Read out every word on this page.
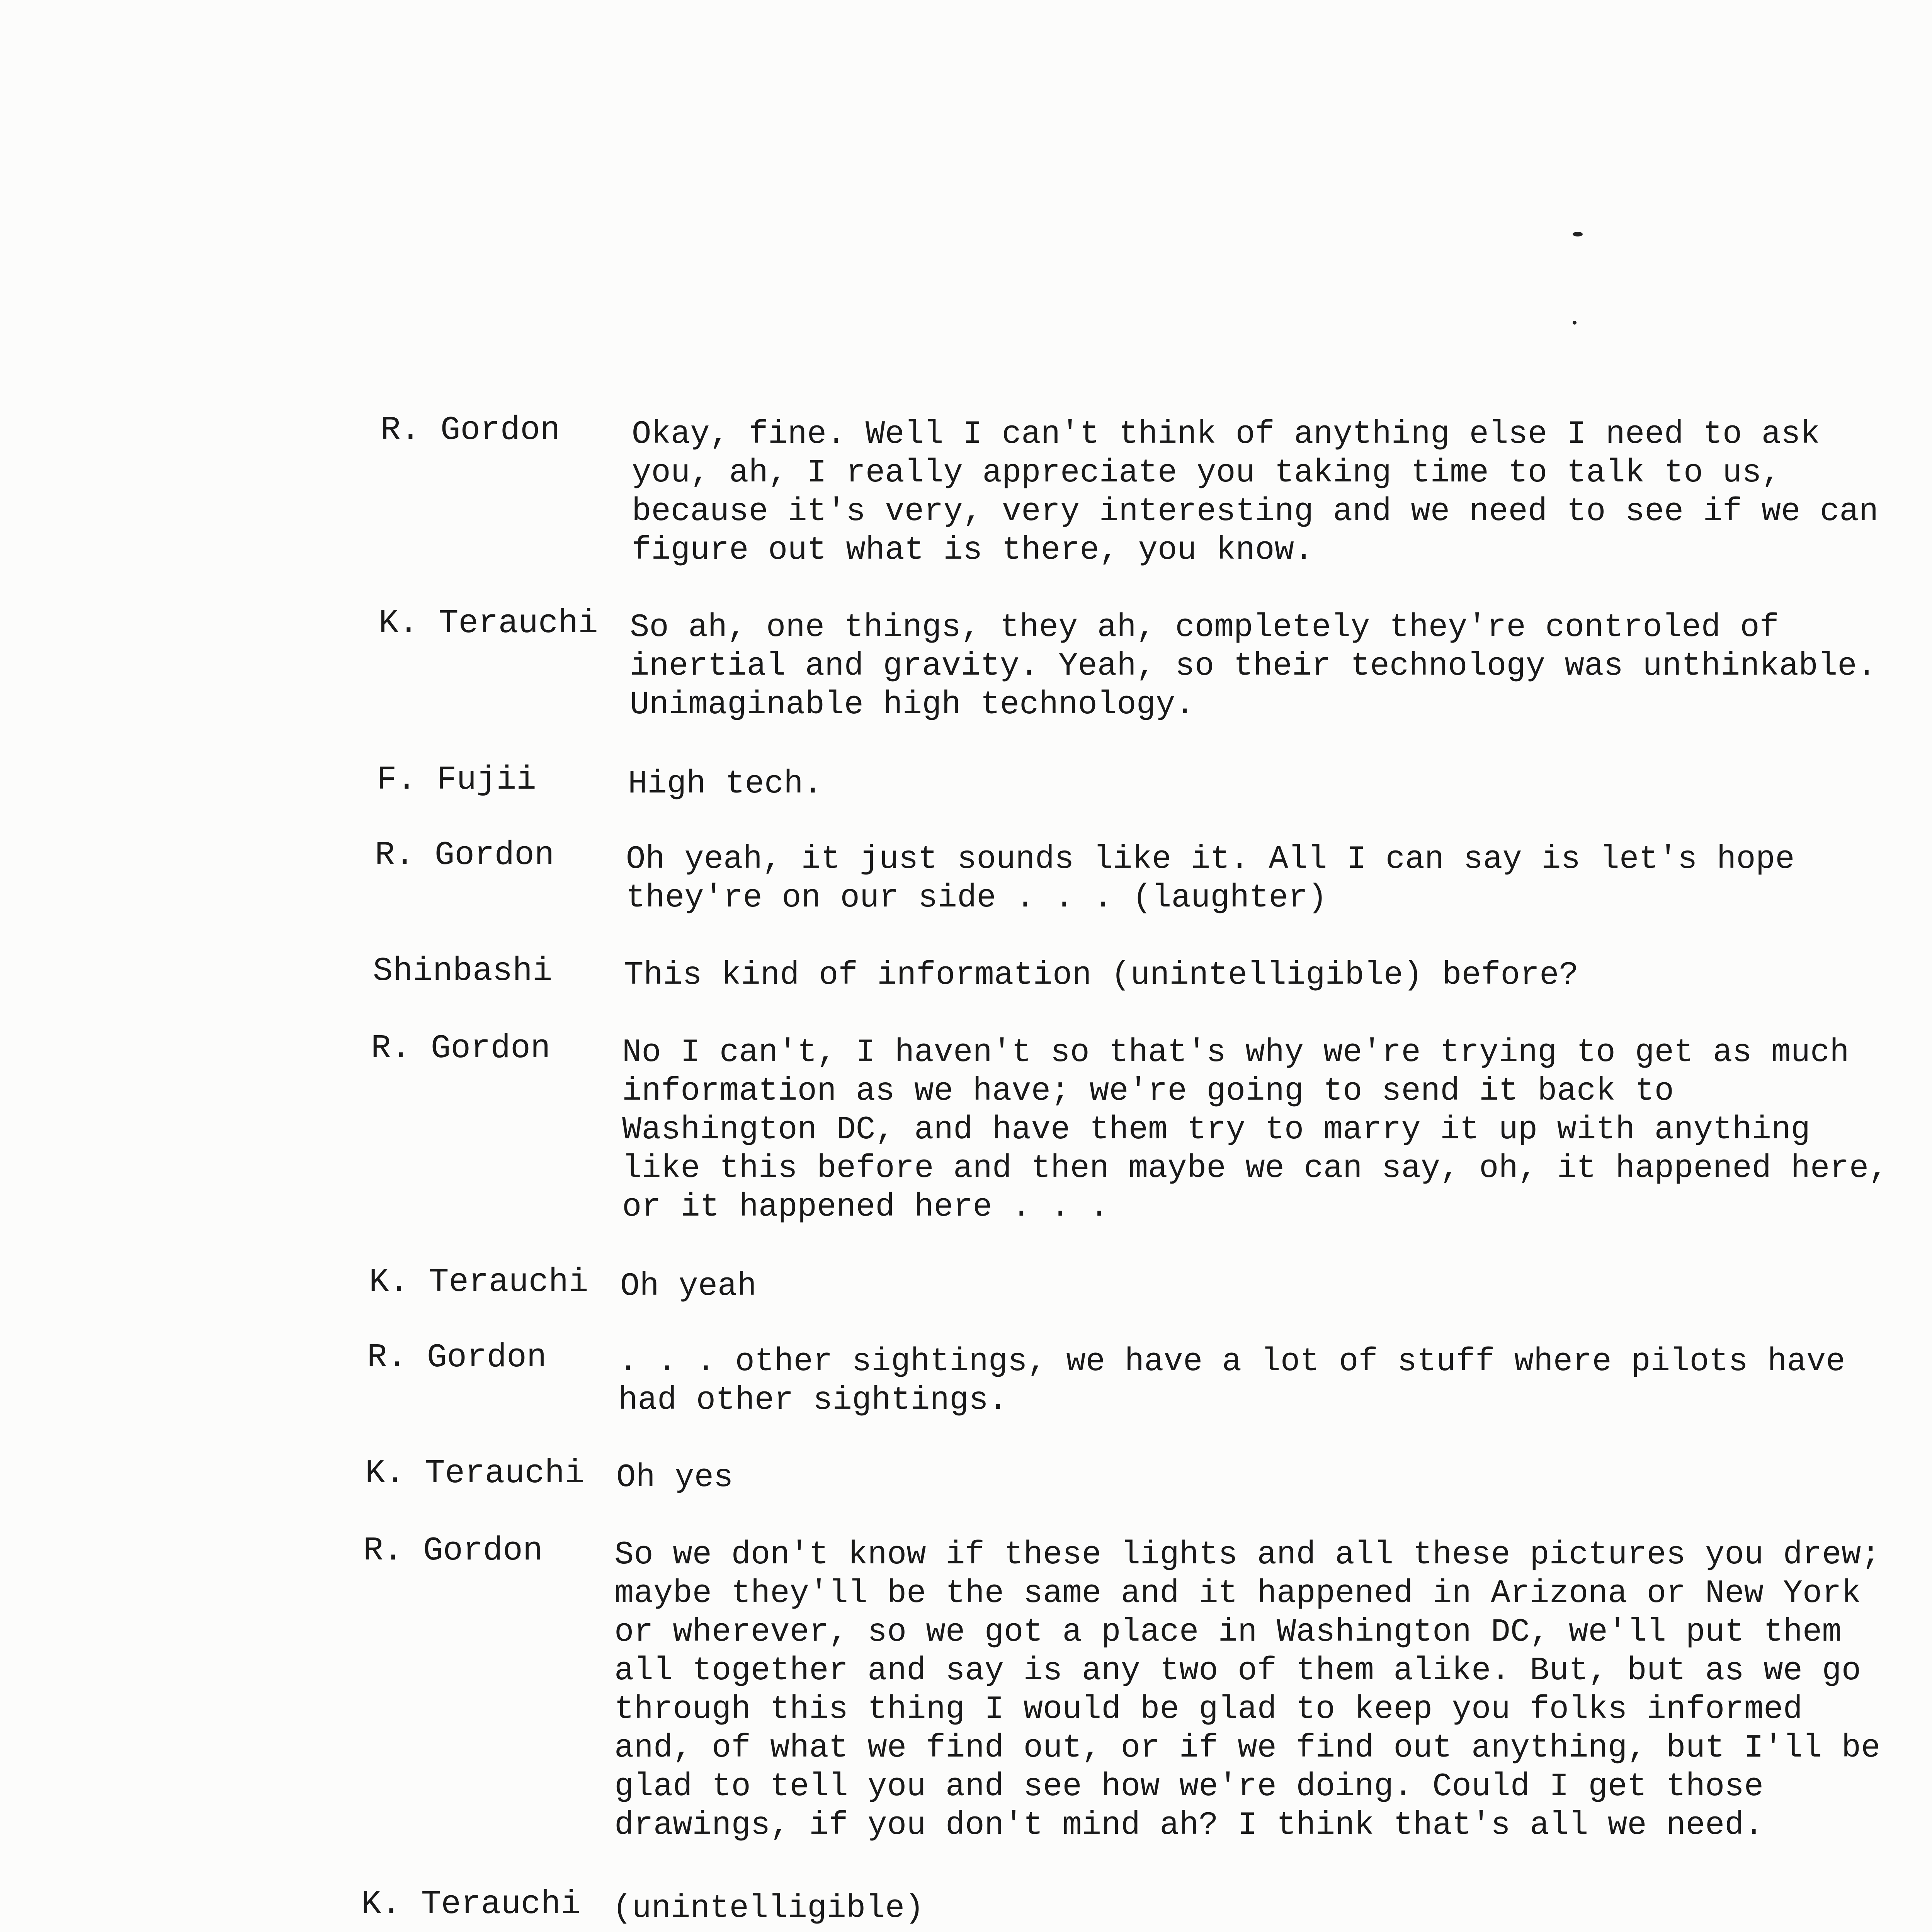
R. Gordon	Okay, fine. Well I can't think of anything else I need to ask
you, ah, I really appreciate you taking time to talk to us,
because it's very, very interesting and we need to see if we can
figure out what is there, you know.

K. Terauchi So ah, one things, they ah, completely they're controled of
inertial and gravity. Yeah, so their technology was unthinkable.
Unimaginable high technology.

F. Fujii	High tech.

R. Gordon	Oh yeah, it just sounds like it. All I can say is let's hope
they're on our side . . . (laughter)

Shinbashi	This kind of information (unintelligible) before?

R. Gordon	No I can't, I haven't so that's why we're trying to get as much
information as we have; we're going to send it back to
Washington DC, and have them try to marry it up with anything
like this before and then maybe we can say, oh, it happened here,
or it happened here . . .

K. Terauchi Oh yeah

R. Gordon	. . . other sightings, we have a lot of stuff where pilots have
had other sightings.

K. Terauchi Oh yes

R. Gordon	So we don't know if these lights and all these pictures you drew;
maybe they'll be the same and it happened in Arizona or New York
or wherever, so we got a place in Washington DC, we'll put them
all together and say is any two of them alike. But, but as we go
through this thing I would be glad to keep you folks informed
and, of what we find out, or if we find out anything, but I'll be
glad to tell you and see how we're doing. Could I get those
drawings, if you don't mind ah? I think that's all we need.

K. Terauchi (unintelligible)
